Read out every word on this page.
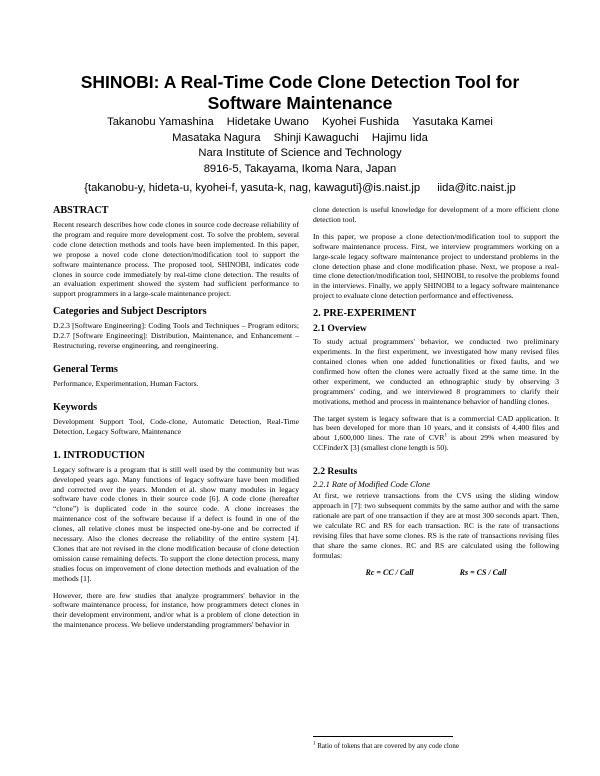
SHINOBI: A Real-Time Code Clone Detection Tool for
Software Maintenance
Takanobu Yamashina Hidetake Uwano Kyohei Fushida Yasutaka Kamei
Masataka Nagura Shinji Kawaguchi Hajimu Iida
Nara Institute of Science and Technology
8916-5, Takayama, Ikoma Nara, Japan
{takanobu-y, hideta-u, kyohei-f, yasuta-k, nag, kawaguti}@is.naist.jp iida@itc.naist.jp
ABSTRACT

Recent research describes how code clones in source code decrease reliability of the program and require more development cost. To solve the problem, several code clone detection methods and tools have been implemented. In this paper, we propose a novel code clone detection/modification tool to support the software maintenance process. The proposed tool, SHINOBI, indicates code clones in source code immediately by real-time clone detection. The results of an evaluation experiment showed the system had sufficient performance to support programmers in a large-scale maintenance project.

Categories and Subject Descriptors

D.2.3 [Software Engineering]: Coding Tools and Techniques – Program editors; D.2.7 [Software Engineering]: Distribution, Maintenance, and Enhancement – Restructuring, reverse engineering, and reengineering.

General Terms

Performance, Experimentation, Human Factors.

Keywords

Development Support Tool, Code-clone, Automatic Detection, Real-Time Detection, Legacy Software, Maintenance

1. INTRODUCTION

Legacy software is a program that is still well used by the community but was developed years ago. Many functions of legacy software have been modified and corrected over the years. Monden et al. show many modules in legacy software have code clones in their source code [6]. A code clone (hereafter “clone”) is duplicated code in the source code. A clone increases the maintenance cost of the software because if a defect is found in one of the clones, all relative clones must be inspected one-by-one and be corrected if necessary. Also the clones decrease the reliability of the entire system [4]. Clones that are not revised in the clone modification because of clone detection omission cause remaining defects. To support the clone detection process, many studies focus on improvement of clone detection methods and evaluation of the methods [1].

However, there are few studies that analyze programmers' behavior in the software maintenance process, for instance, how programmers detect clones in their development environment, and/or what is a problem of clone detection in the maintenance process. We believe understanding programmers' behavior in

clone detection is useful knowledge for development of a more efficient clone detection tool.

In this paper, we propose a clone detection/modification tool to support the software maintenance process. First, we interview programmers working on a large-scale legacy software maintenance project to understand problems in the clone detection phase and clone modification phase. Next, we propose a real-time clone detection/modification tool, SHINOBI, to resolve the problems found in the interviews. Finally, we apply SHINOBI to a legacy software maintenance project to evaluate clone detection performance and effectiveness.

2. PRE-EXPERIMENT
2.1 Overview

To study actual programmers' behavior, we conducted two preliminary experiments. In the first experiment, we investigated how many revised files contained clones when one added functionalities or fixed faults, and we confirmed how often the clones were actually fixed at the same time. In the other experiment, we conducted an ethnographic study by observing 3 programmers' coding, and we interviewed 8 programmers to clarify their motivations, method and process in maintenance behavior of handling clones.

The target system is legacy software that is a commercial CAD application. It has been developed for more than 10 years, and it consists of 4,400 files and about 1,600,000 lines. The rate of CVR$^1$ is about 29% when measured by CCFinderX [3] (smallest clone length is 50).

2.2 Results
2.2.1 Rate of Modified Code Clone

At first, we retrieve transactions from the CVS using the sliding window approach in [7]: two subsequent commits by the same author and with the same rationale are part of one transaction if they are at most 300 seconds apart. Then, we calculate RC and RS for each transaction. RC is the rate of transactions revising files that have some clones. RS is the rate of transactions revising files that share the same clones. RC and RS are calculated using the following formulas:

Rc = CC / Call	Rs = CS / Call
$^1$ Ratio of tokens that are covered by any code clone
